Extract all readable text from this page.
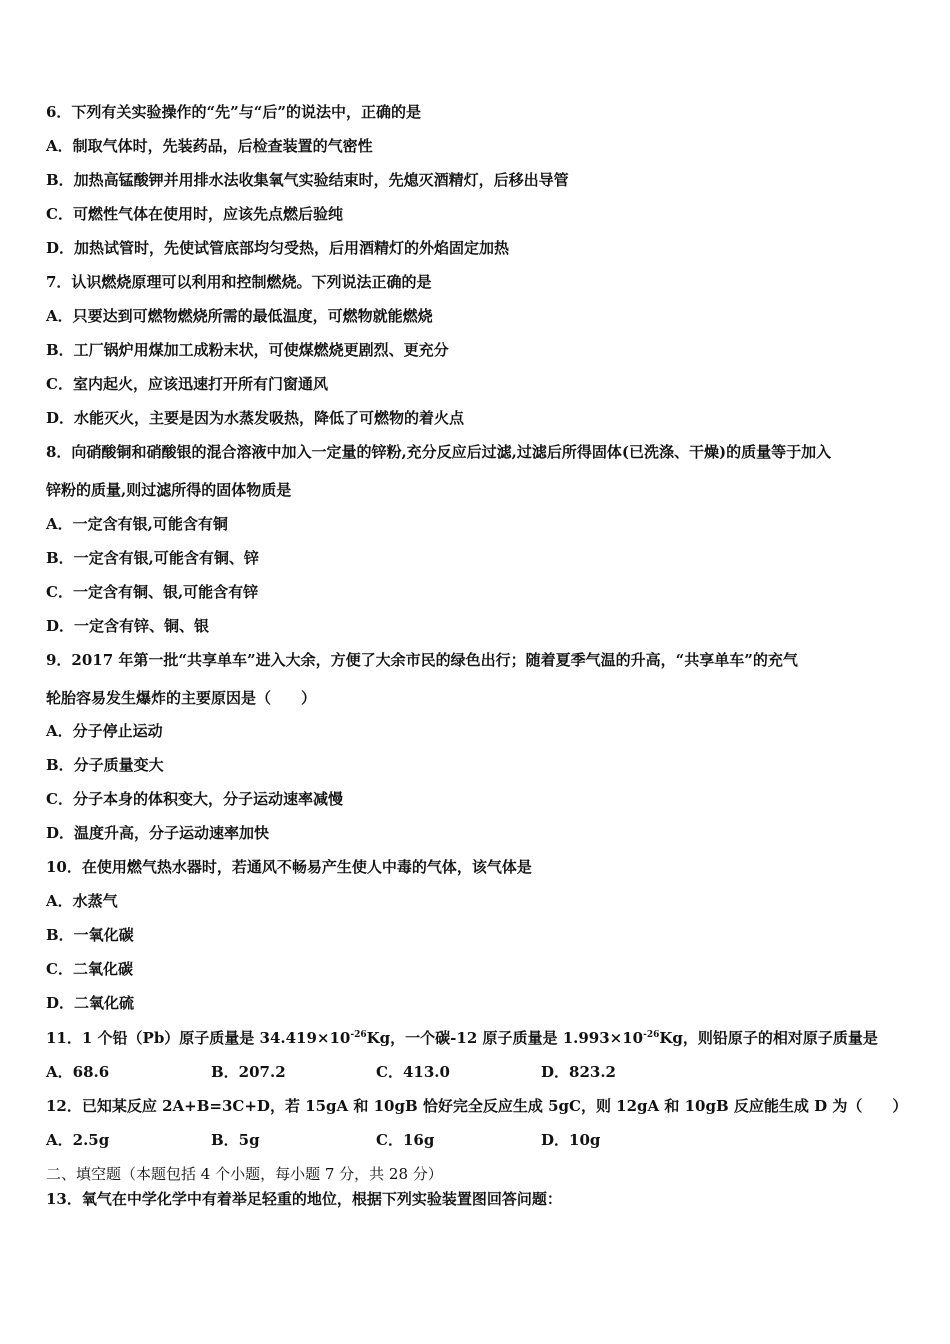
6．下列有关实验操作的“先”与“后”的说法中，正确的是
A．制取气体时，先装药品，后检查装置的气密性
B．加热高锰酸钾并用排水法收集氧气实验结束时，先熄灭酒精灯，后移出导管
C．可燃性气体在使用时，应该先点燃后验纯
D．加热试管时，先使试管底部均匀受热，后用酒精灯的外焰固定加热
7．认识燃烧原理可以利用和控制燃烧。下列说法正确的是
A．只要达到可燃物燃烧所需的最低温度，可燃物就能燃烧
B．工厂锅炉用煤加工成粉末状，可使煤燃烧更剧烈、更充分
C．室内起火，应该迅速打开所有门窗通风
D．水能灭火，主要是因为水蒸发吸热，降低了可燃物的着火点
8．向硝酸铜和硝酸银的混合溶液中加入一定量的锌粉,充分反应后过滤,过滤后所得固体(已洗涤、干燥)的质量等于加入
锌粉的质量,则过滤所得的固体物质是
A．一定含有银,可能含有铜
B．一定含有银,可能含有铜、锌
C．一定含有铜、银,可能含有锌
D．一定含有锌、铜、银
9．2017 年第一批“共享单车”进入大余，方便了大余市民的绿色出行；随着夏季气温的升高，“共享单车”的充气
轮胎容易发生爆炸的主要原因是（　　）
A．分子停止运动
B．分子质量变大
C．分子本身的体积变大，分子运动速率减慢
D．温度升高，分子运动速率加快
10．在使用燃气热水器时，若通风不畅易产生使人中毒的气体，该气体是
A．水蒸气
B．一氧化碳
C．二氧化碳
D．二氧化硫
11．1 个铅（Pb）原子质量是 $34.419\times 10^{-26}Kg$，一个碳-12 原子质量是 $1.993\times 10^{-26}Kg$，则铅原子的相对原子质量是
A．68.6	B．207.2	C．413.0	D．823.2
12．已知某反应 2A+B=3C+D，若 15gA 和 10gB 恰好完全反应生成 5gC，则 12gA 和 10gB 反应能生成 D 为（　　）
A．2.5g	B．5g	C．16g	D．10g
二、填空题（本题包括 4 个小题，每小题 7 分，共 28 分）
13．氧气在中学化学中有着举足轻重的地位，根据下列实验装置图回答问题：
